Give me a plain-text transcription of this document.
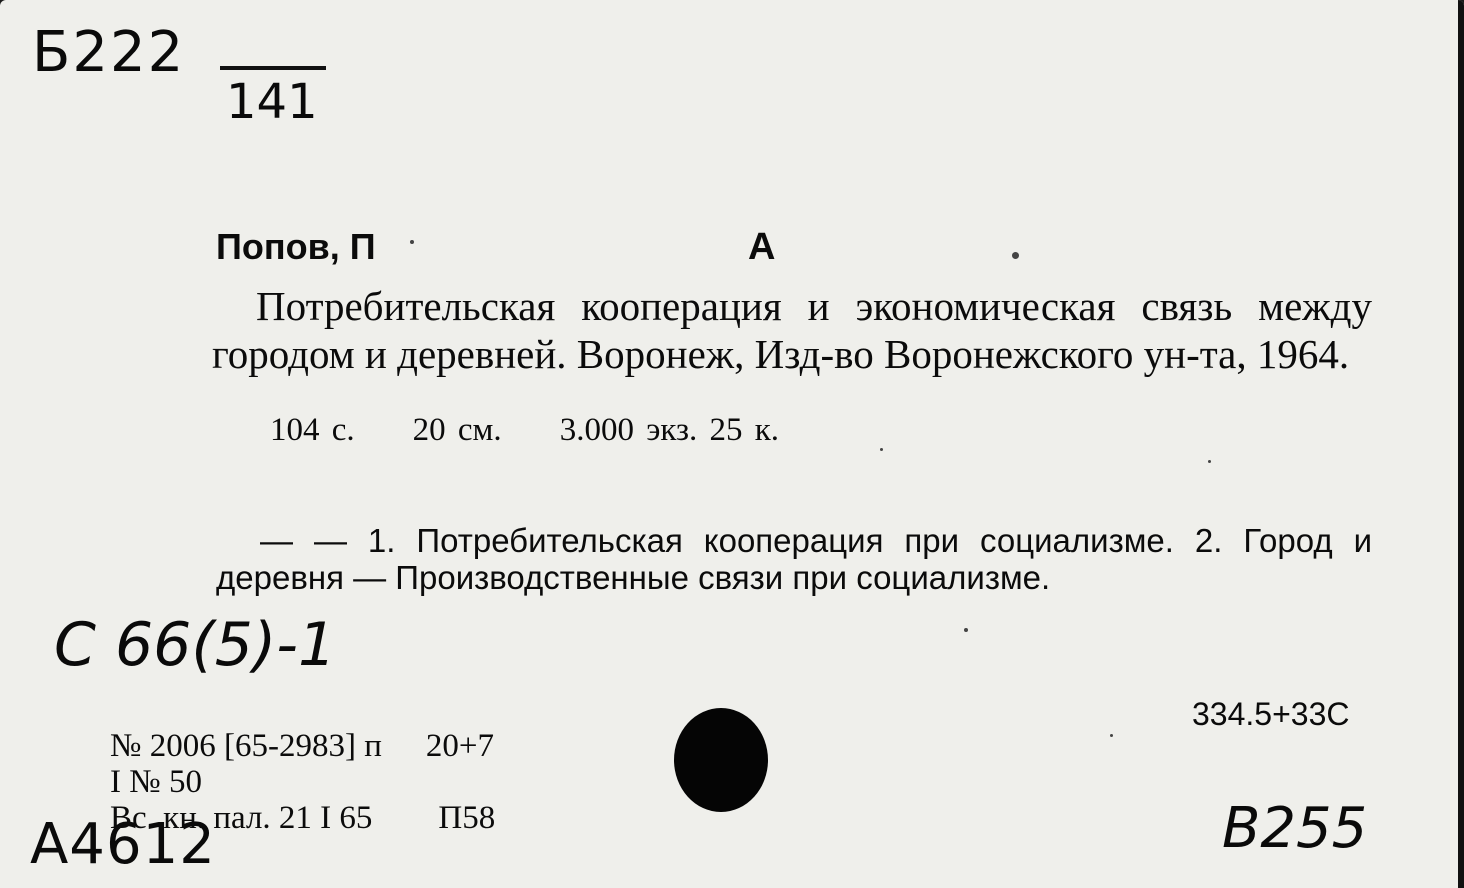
Б222
141
Попов, П	А
Потребительская кооперация и экономическая связь между городом и деревней. Воронеж, Изд-во Воронежского ун-та, 1964.
104 с. 20 см. 3.000 экз. 25 к.
— — 1. Потребительская кооперация при социализме. 2. Город и деревня — Производственные связи при социализме.
С 66(5)-1
334.5+33С
№ 2006 [65-2983] п 20+7
I № 50
Вс. кн. пал. 21 I 65 П58
А4612	В255
